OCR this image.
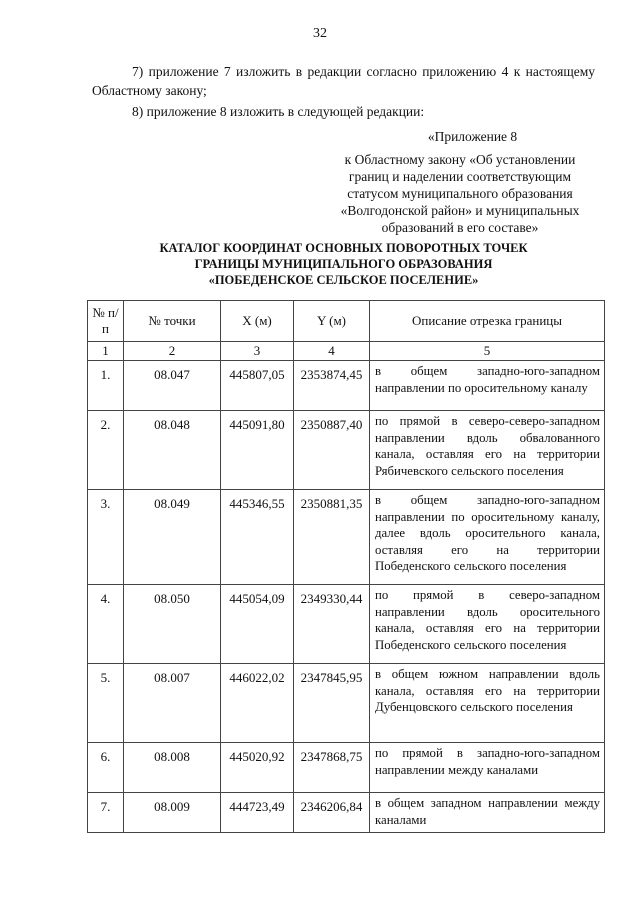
32
7) приложение 7 изложить в редакции согласно приложению 4 к настоящему Областному закону;
8) приложение 8 изложить в следующей редакции:
«Приложение 8
к Областному закону «Об установлении границ и наделении соответствующим статусом муниципального образования «Волгодонской район» и муниципальных образований в его составе»
КАТАЛОГ КООРДИНАТ ОСНОВНЫХ ПОВОРОТНЫХ ТОЧЕК
ГРАНИЦЫ МУНИЦИПАЛЬНОГО ОБРАЗОВАНИЯ
«ПОБЕДЕНСКОЕ СЕЛЬСКОЕ ПОСЕЛЕНИЕ»
№ п/п	№ точки	X (м)	Y (м)	Описание отрезка границы
1	2	3	4	5
1.	08.047	445807,05	2353874,45	в общем западно-юго-западном направлении по оросительному каналу
2.	08.048	445091,80	2350887,40	по прямой в северо-северо-западном направлении вдоль обвалованного канала, оставляя его на территории Рябичевского сельского поселения
3.	08.049	445346,55	2350881,35	в общем западно-юго-западном направлении по оросительному каналу, далее вдоль оросительного канала, оставляя его на территории Победенского сельского поселения
4.	08.050	445054,09	2349330,44	по прямой в северо-западном направлении вдоль оросительного канала, оставляя его на территории Победенского сельского поселения
5.	08.007	446022,02	2347845,95	в общем южном направлении вдоль канала, оставляя его на территории Дубенцовского сельского поселения
6.	08.008	445020,92	2347868,75	по прямой в западно-юго-западном направлении между каналами
7.	08.009	444723,49	2346206,84	в общем западном направлении между каналами
